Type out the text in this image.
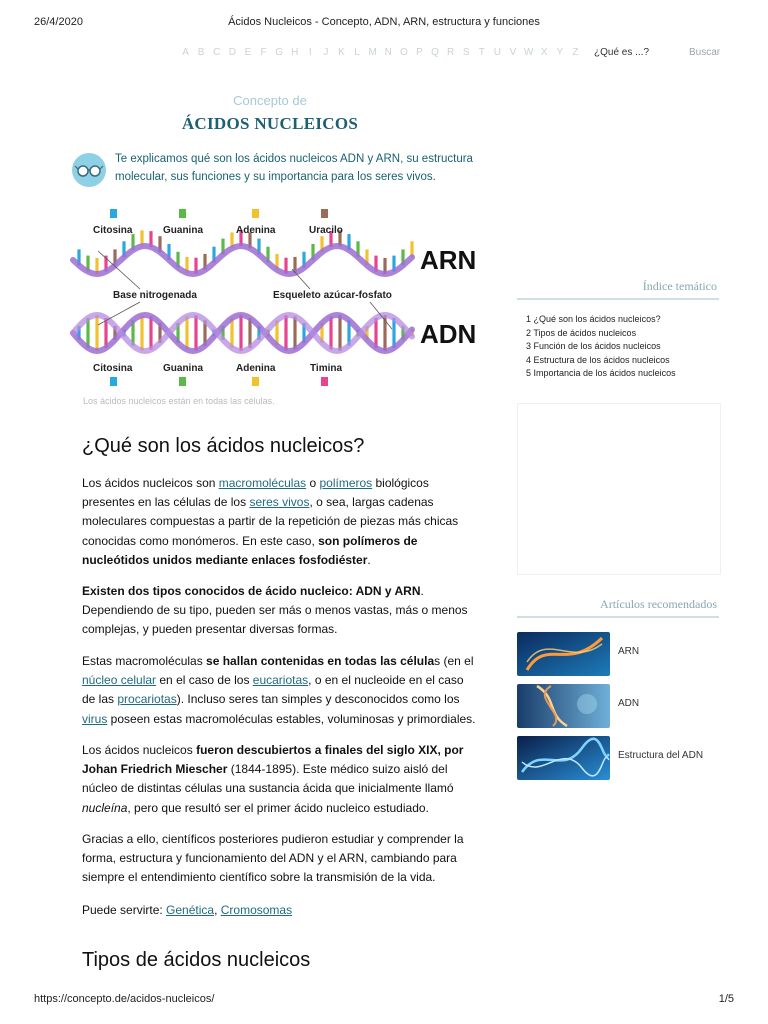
26/4/2020	Ácidos Nucleicos - Concepto, ADN, ARN, estructura y funciones
A B C D E F G H	I	J K L M N O P Q R S T U V W X Y Z	¿Qué es ...?	Buscar
Concepto de
ÁCIDOS NUCLEICOS
Te explicamos qué son los ácidos nucleicos ADN y ARN, su estructura molecular, sus funciones y su importancia para los seres vivos.
Citosina	Guanina	Adenina	Uracilo
ARN
Base nitrogenada	Esqueleto azúcar-fosfato
ADN
Citosina	Guanina	Adenina	Timina
Los ácidos nucleicos están en todas las células.
¿Qué son los ácidos nucleicos?
Los ácidos nucleicos son macromoléculas o polímeros biológicos presentes en las células de los seres vivos, o sea, largas cadenas moleculares compuestas a partir de la repetición de piezas más chicas conocidas como monómeros. En este caso, son polímeros de nucleótidos unidos mediante enlaces fosfodiéster.
Existen dos tipos conocidos de ácido nucleico: ADN y ARN. Dependiendo de su tipo, pueden ser más o menos vastas, más o menos complejas, y pueden presentar diversas formas.
Estas macromoléculas se hallan contenidas en todas las células (en el núcleo celular en el caso de los eucariotas, o en el nucleoide en el caso de las procariotas). Incluso seres tan simples y desconocidos como los virus poseen estas macromoléculas estables, voluminosas y primordiales.
Los ácidos nucleicos fueron descubiertos a finales del siglo XIX, por Johan Friedrich Miescher (1844-1895). Este médico suizo aisló del núcleo de distintas células una sustancia ácida que inicialmente llamó nucleína, pero que resultó ser el primer ácido nucleico estudiado.
Gracias a ello, científicos posteriores pudieron estudiar y comprender la forma, estructura y funcionamiento del ADN y el ARN, cambiando para siempre el entendimiento científico sobre la transmisión de la vida.
Puede servirte: Genética, Cromosomas
Tipos de ácidos nucleicos
Índice temático
1 ¿Qué son los ácidos nucleicos?
2 Tipos de ácidos nucleicos
3 Función de los ácidos nucleicos
4 Estructura de los ácidos nucleicos
5 Importancia de los ácidos nucleicos
Artículos recomendados
ARN
ADN
Estructura del ADN
https://concepto.de/acidos-nucleicos/	1/5
